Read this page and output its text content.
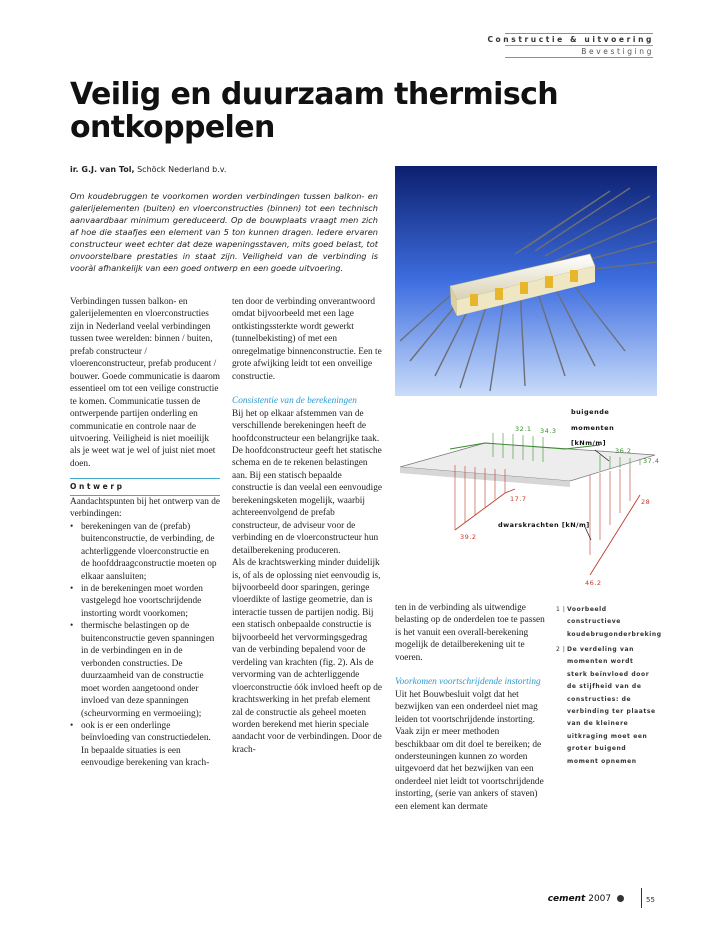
Constructie & uitvoering
Bevestiging
Veilig en duurzaam thermisch ontkoppelen
ir. G.J. van Tol, Schöck Nederland b.v.
Om koudebruggen te voorkomen worden verbindingen tussen balkon- en galerijelementen (buiten) en vloerconstructies (binnen) tot een technisch aanvaardbaar minimum gereduceerd. Op de bouwplaats vraagt men zich af hoe die staafjes een element van 5 ton kunnen dragen. Iedere ervaren constructeur weet echter dat deze wapeningsstaven, mits goed belast, tot onvoorstelbare prestaties in staat zijn. Veiligheid van de verbinding is vooràl afhankelijk van een goed ontwerp en een goede uitvoering.

Verbindingen tussen balkon- en galerijelementen en vloerconstructies zijn in Nederland veelal verbindingen tussen twee werelden: binnen / buiten, prefab constructeur / vloerenconstructeur, prefab producent / bouwer. Goede communicatie is daarom essentieel om tot een veilige constructie te komen. Communicatie tussen de ontwerpende partijen onderling en communicatie en controle naar de uitvoering. Veiligheid is niet moeilijk als je weet wat je wel of juist niet moet doen.

Ontwerp

Aandachtspunten bij het ontwerp van de verbindingen:

• berekeningen van de (prefab) buitenconstructie, de verbinding, de achterliggende vloerconstructie en de hoofddraagconstructie moeten op elkaar aansluiten;
• in de berekeningen moet worden vastgelegd hoe voortschrijdende instorting wordt voorkomen;
• thermische belastingen op de buitenconstructie geven spanningen in de verbindingen en in de verbonden constructies. De duurzaamheid van de constructie moet worden aangetoond onder invloed van deze spanningen (scheurvorming en vermoeiing);
• ook is er een onderlinge beïnvloeding van constructiedelen. In bepaalde situaties is een eenvoudige berekening van krach-

ten door de verbinding onverantwoord omdat bijvoorbeeld met een lage ontkistingssterkte wordt gewerkt (tunnelbekisting) of met een onregelmatige binnenconstructie. Een te grote afwijking leidt tot een onveilige constructie.

Consistentie van de berekeningen

Bij het op elkaar afstemmen van de verschillende berekeningen heeft de hoofdconstructeur een belangrijke taak. De hoofdconstructeur geeft het statische schema en de te rekenen belastingen aan. Bij een statisch bepaalde constructie is dan veelal een eenvoudige berekeningsketen mogelijk, waarbij achtereenvolgend de prefab constructeur, de adviseur voor de verbinding en de vloerconstructeur hun detailberekening produceren.

Als de krachtswerking minder duidelijk is, of als de oplossing niet eenvoudig is, bijvoorbeeld door sparingen, geringe vloerdikte of lastige geometrie, dan is interactie tussen de partijen nodig. Bij een statisch onbepaalde constructie is bijvoorbeeld het vervormingsgedrag van de verbinding bepalend voor de verdeling van krachten (fig. 2). Als de vervorming van de achterliggende vloerconstructie óók invloed heeft op de krachtswerking in het prefab element zal de constructie als geheel moeten worden berekend met hierin speciale aandacht voor de verbindingen. Door de krach-

ten in de verbinding als uitwendige belasting op de onderdelen toe te passen is het vanuit een overall-berekening mogelijk de detailberekening uit te voeren.

Voorkomen voortschrijdende instorting

Uit het Bouwbesluit volgt dat het bezwijken van een onderdeel niet mag leiden tot voortschrijdende instorting. Vaak zijn er meer methoden beschikbaar om dit doel te bereiken; de ondersteuningen kunnen zo worden uitgevoerd dat het bezwijken van een onderdeel niet leidt tot voortschrijdende instorting, (serie van ankers of staven) een element kan dermate

buigende
momenten
[kNm/m]
dwarskrachten [kN/m]
32.1 34.3
36.2
37.4
17.7
39.2
28
46.2
1 | Voorbeeld constructieve koudebrugonderbreking
2 | De verdeling van momenten wordt sterk beïnvloed door de stijfheid van de constructies: de verbinding ter plaatse van de kleinere uitkraging moet een groter buigend moment opnemen
cement 2007	55
